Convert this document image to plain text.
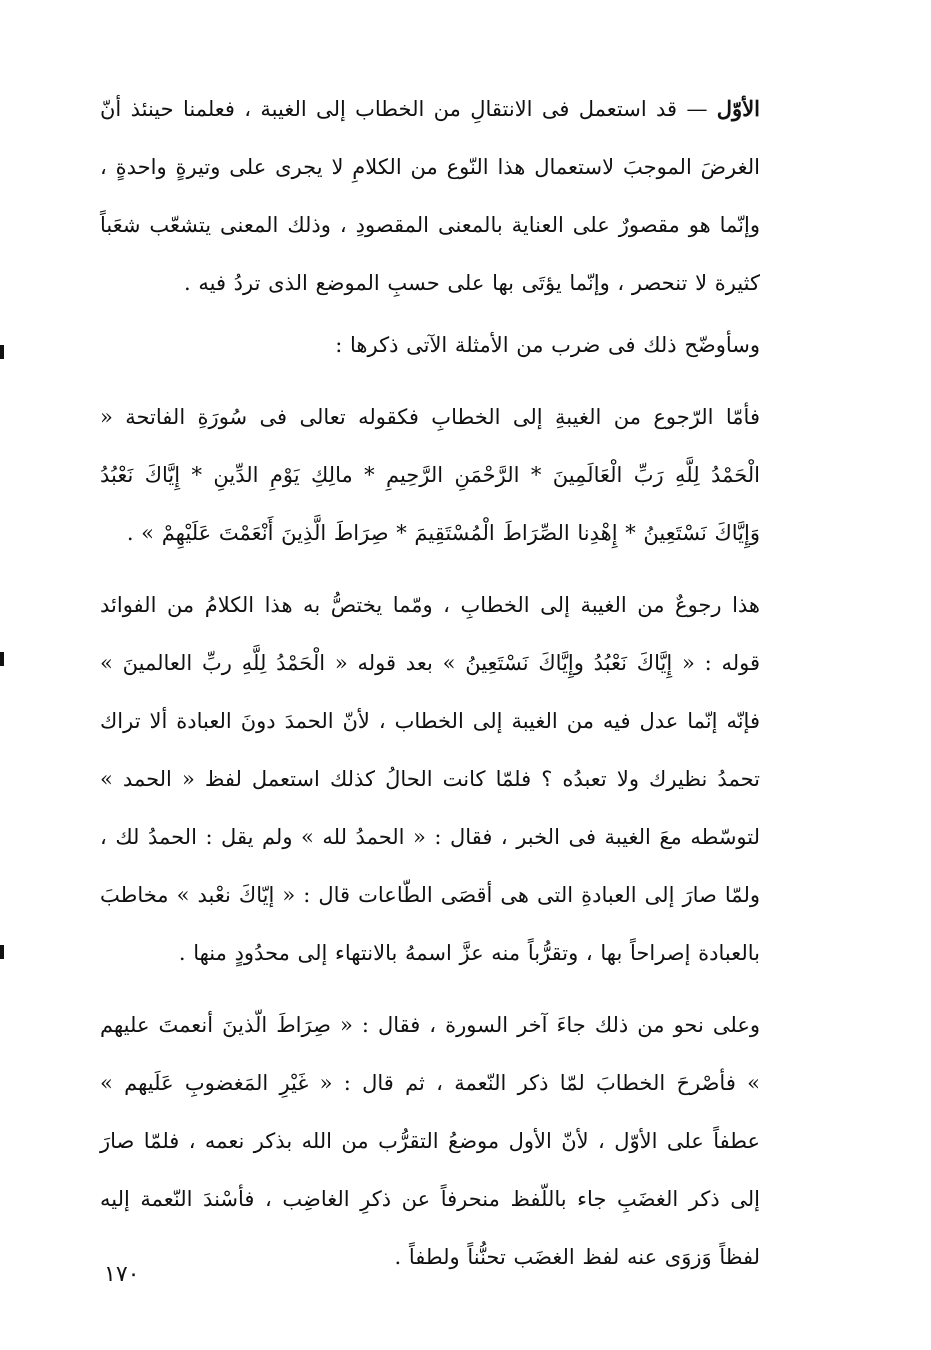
الأوّل — قد استعمل فى الانتقالِ من الخطاب إلى الغيبة ، فعلمنا حينئذ أنّ الغرضَ الموجبَ لاستعمال هذا النّوع من الكلامِ لا يجرى على وتيرةٍ واحدةٍ ، وإنّما هو مقصورٌ على العناية بالمعنى المقصودِ ، وذلك المعنى يتشعّب شعَباً كثيرة لا تنحصر ، وإنّما يؤتَى بها على حسبِ الموضع الذى تردُ فيه .

وسأوضّح ذلك فى ضرب من الأمثلة الآتى ذكرها :

فأمّا الرّجوع من الغيبةِ إلى الخطابِ فكقوله تعالى فى سُورَةِ الفاتحة « الْحَمْدُ لِلَّهِ رَبِّ الْعَالَمِينَ * الرَّحْمَنِ الرَّحِيمِ * مالِكِ يَوْمِ الدِّينِ * إِيَّاكَ نَعْبُدُ وَإِيَّاكَ نَسْتَعِينُ * إِهْدِنا الصِّرَاطَ الْمُسْتَقِيمَ * صِرَاطَ الَّذِينَ أَنْعَمْتَ عَلَيْهِمْ » .

هذا رجوعٌ من الغيبة إلى الخطابِ ، ومّما يختصُّ به هذا الكلامُ من الفوائد قوله : « إِيَّاكَ نَعْبُدُ وإِيَّاكَ نَسْتَعِينُ » بعد قوله « الْحَمْدُ لِلَّهِ ربِّ العالمينَ » فإنّه إنّما عدل فيه من الغيبة إلى الخطاب ، لأنّ الحمدَ دونَ العبادة ألا تراك تحمدُ نظيرك ولا تعبدُه ؟ فلمّا كانت الحالُ كذلك استعمل لفظ « الحمد » لتوسّطه معَ الغيبة فى الخبر ، فقال : « الحمدُ لله » ولم يقل : الحمدُ لك ، ولمّا صارَ إلى العبادةِ التى هى أقصَى الطّاعات قال : « إيّاكَ نعْبد » مخاطبَ بالعبادة إصراحاً بها ، وتقرُّباً منه عزَّ اسمهُ بالانتهاء إلى محدُودٍ منها .

وعلى نحو من ذلك جاءَ آخر السورة ، فقال : « صِرَاطَ الّذينَ أنعمتَ عليهم » فأصْرحَ الخطابَ لمّا ذكر النّعمة ، ثم قال : « غَيْرِ المَغضوبِ عَلَيهم » عطفاً على الأوّل ، لأنّ الأول موضعُ التقرُّب من الله بذكر نعمه ، فلمّا صارَ إلى ذكر الغضَبِ جاء باللّفظ منحرفاً عن ذكرِ الغاضِب ، فأسْندَ النّعمة إليه لفظاً وَزوَى عنه لفظ الغضَب تحنُّناً ولطفاً .

١٧٠
